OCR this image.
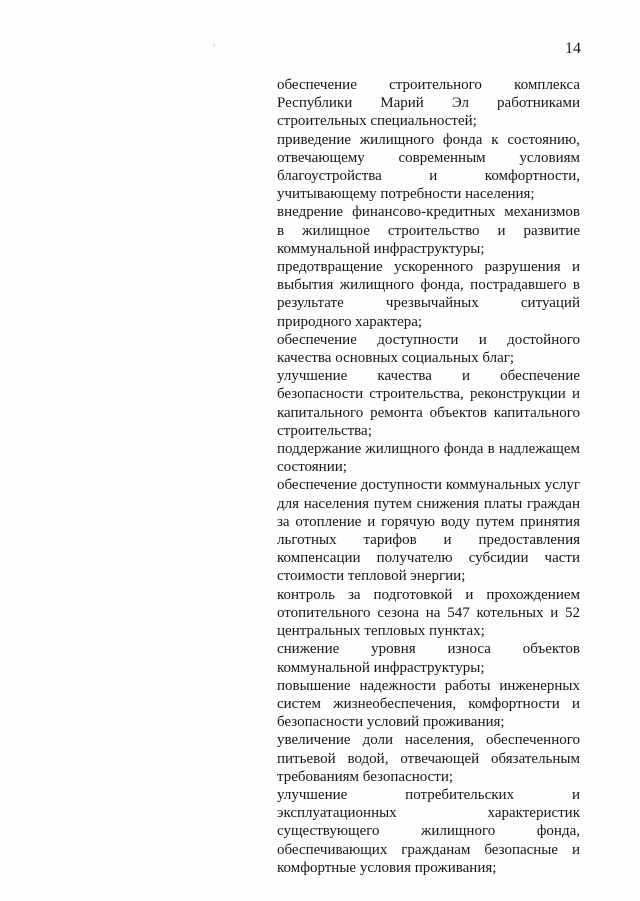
14

обеспечение строительного комплекса Республики Марий Эл работниками строительных специальностей;

приведение жилищного фонда к состоянию, отвечающему современным условиям благоустройства и комфортности, учитывающему потребности населения;

внедрение финансово-кредитных механизмов в жилищное строительство и развитие коммунальной инфраструктуры;

предотвращение ускоренного разрушения и выбытия жилищного фонда, пострадавшего в результате чрезвычайных ситуаций природного характера;

обеспечение доступности и достойного качества основных социальных благ;

улучшение качества и обеспечение безопасности строительства, реконструкции и капитального ремонта объектов капитального строительства;

поддержание жилищного фонда в надлежащем состоянии;

обеспечение доступности коммунальных услуг для населения путем снижения платы граждан за отопление и горячую воду путем принятия льготных тарифов и предоставления компенсации получателю субсидии части стоимости тепловой энергии;

контроль за подготовкой и прохождением отопительного сезона на 547 котельных и 52 центральных тепловых пунктах;

снижение уровня износа объектов коммунальной инфраструктуры;

повышение надежности работы инженерных систем жизнеобеспечения, комфортности и безопасности условий проживания;

увеличение доли населения, обеспеченного питьевой водой, отвечающей обязательным требованиям безопасности;

улучшение потребительских и эксплуатационных характеристик существующего жилищного фонда, обеспечивающих гражданам безопасные и комфортные условия проживания;
